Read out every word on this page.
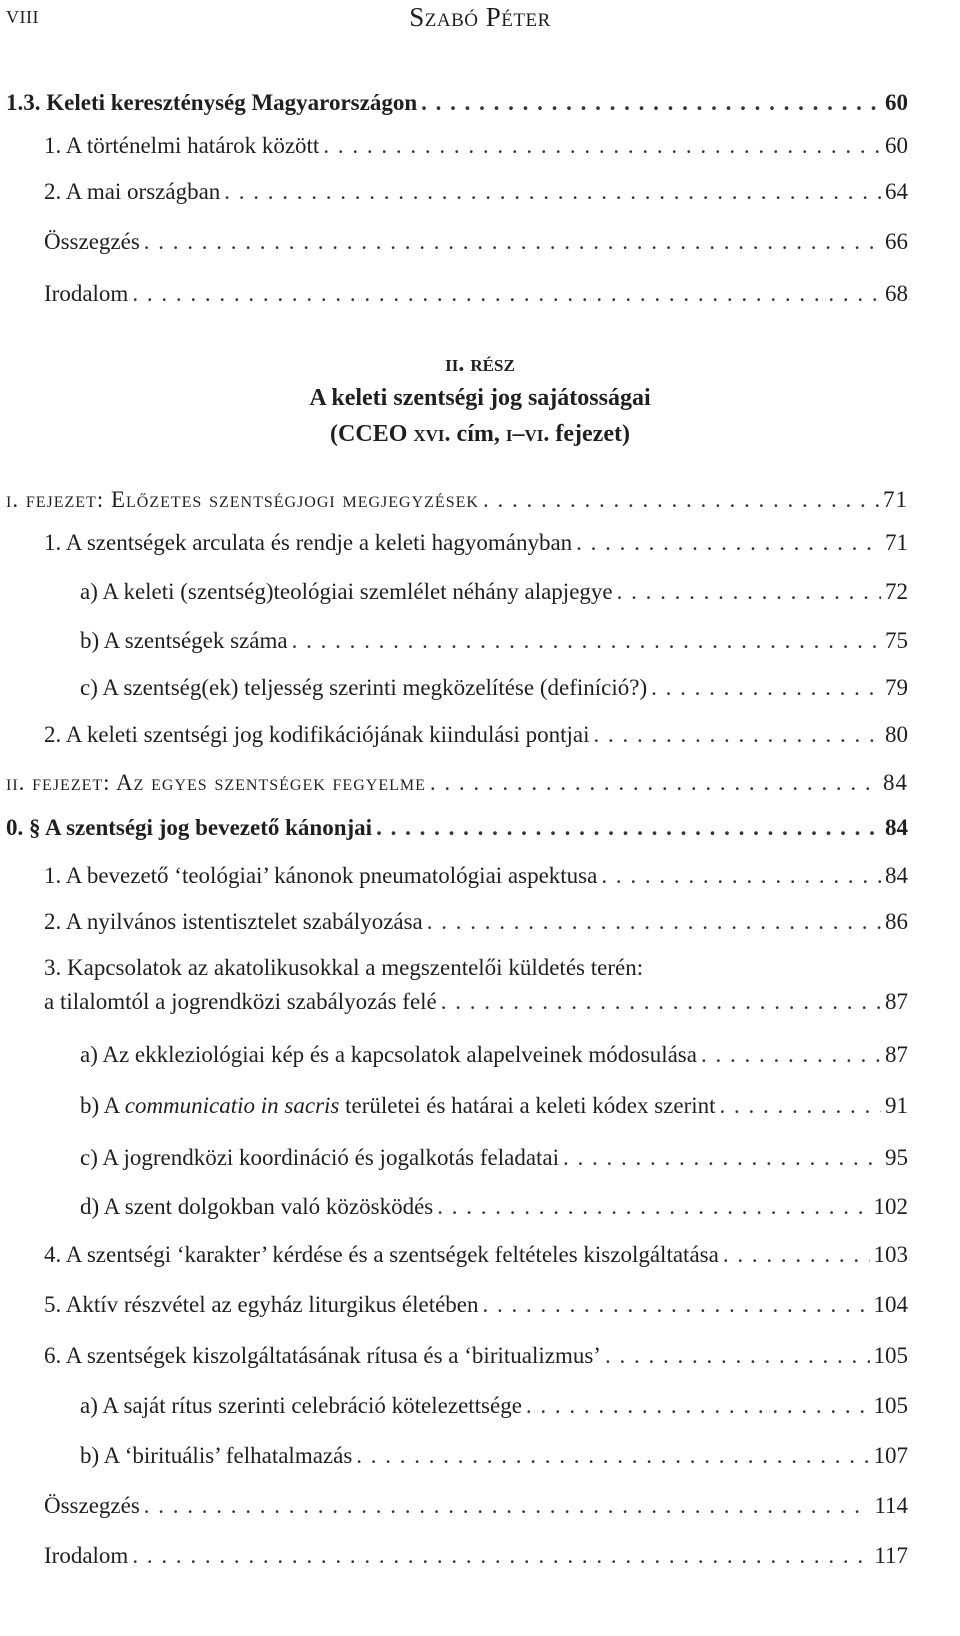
viii	Szabó Péter
1.3. Keleti kereszténység Magyarországon . . .	60
1. A történelmi határok között . . .	60
2. A mai országban . . .	64
Összegzés . . .	66
Irodalom . . .	68
ii. rész
A keleti szentségi jog sajátosságai
(CCEO xvi. cím, i–vi. fejezet)
i. fejezet: Előzetes szentségjogi megjegyzések . . .	71
1. A szentségek arculata és rendje a keleti hagyományban . . .	71
a) A keleti (szentség)teológiai szemlélet néhány alapjegye . . .	72
b) A szentségek száma . . .	75
c) A szentség(ek) teljesség szerinti megközelítése (definíció?) . . .	79
2. A keleti szentségi jog kodifikációjának kiindulási pontjai . . .	80
ii. fejezet: Az egyes szentségek fegyelme . . .	84
0. § A szentségi jog bevezető kánonjai . . .	84
1. A bevezető ‘teológiai’ kánonok pneumatológiai aspektusa . . .	84
2. A nyilvános istentisztelet szabályozása . . .	86
3. Kapcsolatok az akatolikusokkal a megszentelői küldetés terén:
a tilalomtól a jogrendközi szabályozás felé . . .	87
a) Az ekkleziológiai kép és a kapcsolatok alapelveinek módosulása . . .	87
b) A communicatio in sacris területei és határai a keleti kódex szerint . . .	91
c) A jogrendközi koordináció és jogalkotás feladatai . . .	95
d) A szent dolgokban való közösködés . . .	102
4. A szentségi ‘karakter’ kérdése és a szentségek feltételes kiszolgáltatása . . .	103
5. Aktív részvétel az egyház liturgikus életében . . .	104
6. A szentségek kiszolgáltatásának rítusa és a ‘biritualizmus’ . . .	105
a) A saját rítus szerinti celebráció kötelezettsége . . .	105
b) A ‘birituális’ felhatalmazás . . .	107
Összegzés . . .	114
Irodalom . . .	117
